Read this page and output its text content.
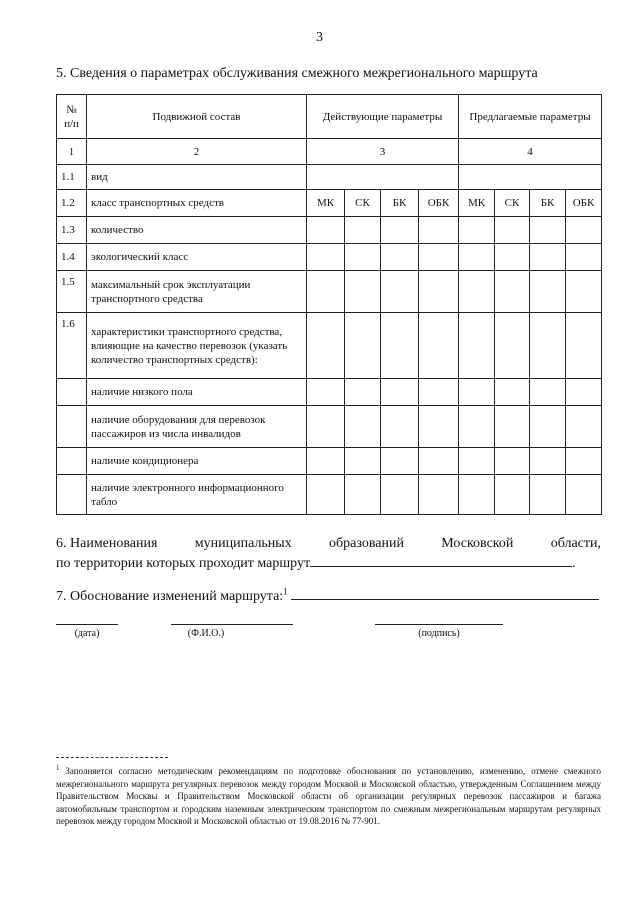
3
5. Сведения о параметрах обслуживания смежного межрегионального маршрута
№ п/п	Подвижной состав	Действующие параметры				Предлагаемые параметры			
1	2	3				4			
1.1	вид								
1.2	класс транспортных средств	МК	СК	БК	ОБК	МК	СК	БК	ОБК
1.3	количество								
1.4	экологический класс								
1.5	максимальный срок эксплуатации транспортного средства								
1.6	характеристики транспортного средства, влияющие на качество перевозок (указать количество транспортных средств):								
	наличие низкого пола								
	наличие оборудования для перевозок пассажиров из числа инвалидов								
	наличие кондиционера								
	наличие электронного информационного табло								
6. Наименования	муниципальных	образований	Московской	области,
по территории которых проходит маршрут	.
7. Обоснование изменений маршрута:$^1$
(дата)	(Ф.И.О.)	(подпись)
$^1$ Заполняется согласно методическим рекомендациям по подготовке обоснования по установлению, изменению, отмене смежного межрегионального маршрута регулярных перевозок между городом Москвой и Московской областью, утвержденным Соглашением между Правительством Москвы и Правительством Московской области об организации регулярных перевозок пассажиров и багажа автомобильным транспортом и городским наземным электрическим транспортом по смежным межрегиональным маршрутам регулярных перевозок между городом Москвой и Московской областью от 19.08.2016 № 77-901.
